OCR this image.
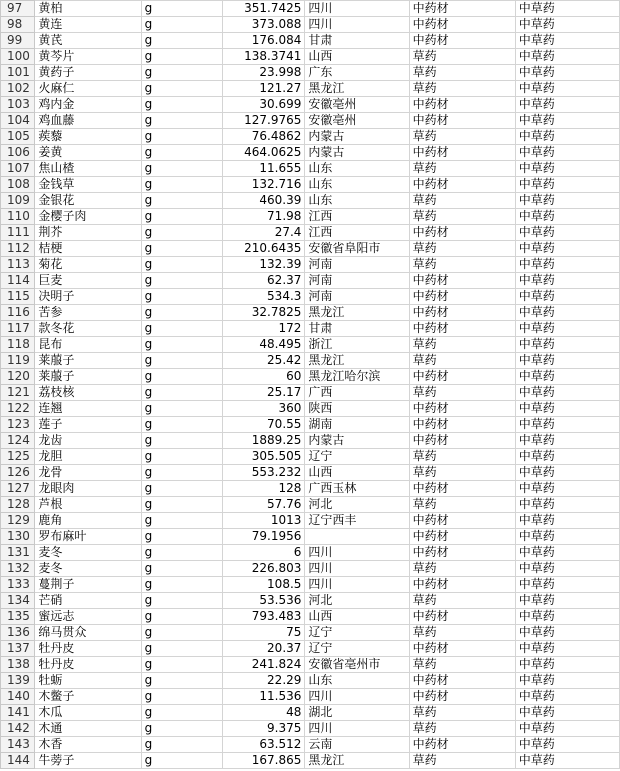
97	黄柏	g	351.7425	四川	中药材	中草药
98	黄连	g	373.088	四川	中药材	中草药
99	黄芪	g	176.084	甘肃	中药材	中草药
100	黄芩片	g	138.3741	山西	草药	中草药
101	黄药子	g	23.998	广东	草药	中草药
102	火麻仁	g	121.27	黑龙江	草药	中草药
103	鸡内金	g	30.699	安徽亳州	中药材	中草药
104	鸡血藤	g	127.9765	安徽亳州	中药材	中草药
105	蒺藜	g	76.4862	内蒙古	草药	中草药
106	姜黄	g	464.0625	内蒙古	中药材	中草药
107	焦山楂	g	11.655	山东	草药	中草药
108	金钱草	g	132.716	山东	中药材	中草药
109	金银花	g	460.39	山东	草药	中草药
110	金樱子肉	g	71.98	江西	草药	中草药
111	荆芥	g	27.4	江西	中药材	中草药
112	桔梗	g	210.6435	安徽省阜阳市	草药	中草药
113	菊花	g	132.39	河南	草药	中草药
114	巨麦	g	62.37	河南	中药材	中草药
115	决明子	g	534.3	河南	中药材	中草药
116	苦参	g	32.7825	黑龙江	中药材	中草药
117	款冬花	g	172	甘肃	中药材	中草药
118	昆布	g	48.495	浙江	草药	中草药
119	莱菔子	g	25.42	黑龙江	草药	中草药
120	莱菔子	g	60	黑龙江哈尔滨	中药材	中草药
121	荔枝核	g	25.17	广西	草药	中草药
122	连翘	g	360	陕西	中药材	中草药
123	莲子	g	70.55	湖南	中药材	中草药
124	龙齿	g	1889.25	内蒙古	中药材	中草药
125	龙胆	g	305.505	辽宁	草药	中草药
126	龙骨	g	553.232	山西	草药	中草药
127	龙眼肉	g	128	广西玉林	中药材	中草药
128	芦根	g	57.76	河北	草药	中草药
129	鹿角	g	1013	辽宁西丰	中药材	中草药
130	罗布麻叶	g	79.1956		中药材	中草药
131	麦冬	g	6	四川	中药材	中草药
132	麦冬	g	226.803	四川	草药	中草药
133	蔓荆子	g	108.5	四川	中药材	中草药
134	芒硝	g	53.536	河北	草药	中草药
135	蜜远志	g	793.483	山西	中药材	中草药
136	绵马贯众	g	75	辽宁	草药	中草药
137	牡丹皮	g	20.37	辽宁	中药材	中草药
138	牡丹皮	g	241.824	安徽省亳州市	草药	中草药
139	牡蛎	g	22.29	山东	中药材	中草药
140	木鳖子	g	11.536	四川	中药材	中草药
141	木瓜	g	48	湖北	草药	中草药
142	木通	g	9.375	四川	草药	中草药
143	木香	g	63.512	云南	中药材	中草药
144	牛蒡子	g	167.865	黑龙江	草药	中草药
